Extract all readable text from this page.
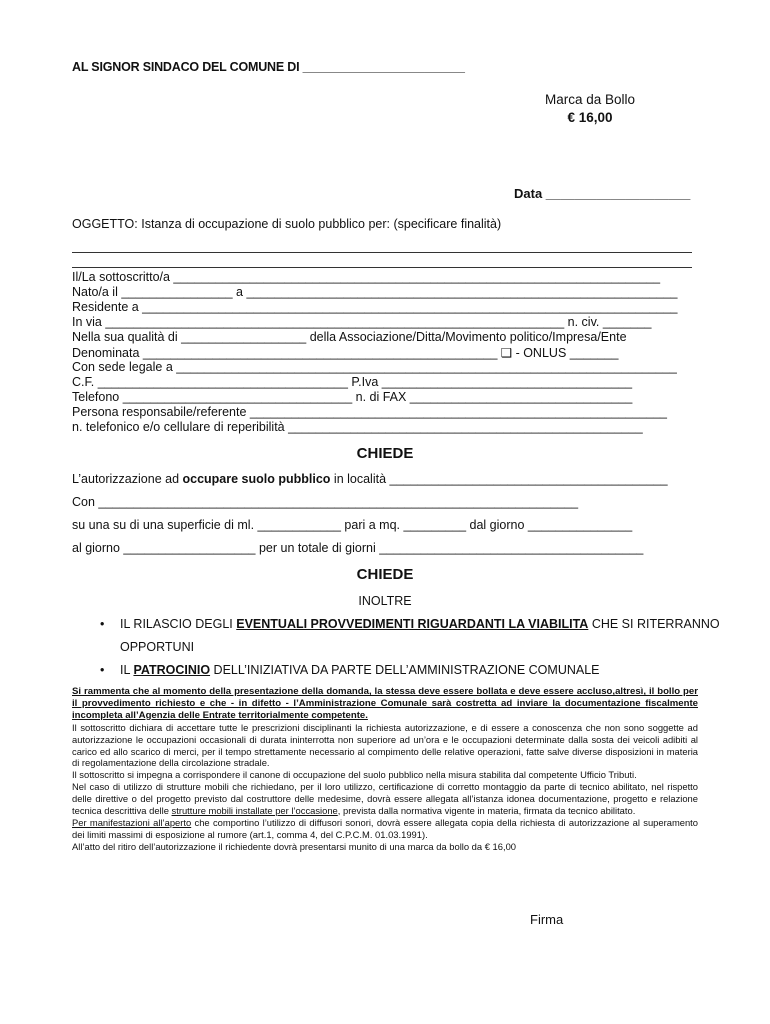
AL SIGNOR SINDACO DEL COMUNE DI ________________________
Marca da Bollo
€ 16,00
Data ____________________
OGGETTO: Istanza di occupazione di suolo pubblico per: (specificare finalità)
Il/La sottoscritto/a ______________________________________________________________________
Nato/a il ________________ a ______________________________________________________________
Residente a _____________________________________________________________________________
In via __________________________________________________________________ n. civ. _______
Nella sua qualità di __________________ della Associazione/Ditta/Movimento politico/Impresa/Ente
Denominata ___________________________________________________ ❑ - ONLUS _______
Con sede legale a ________________________________________________________________________
C.F. ____________________________________ P.Iva ____________________________________
Telefono _________________________________ n. di FAX ________________________________
Persona responsabile/referente ____________________________________________________________
n. telefonico e/o cellulare di reperibilità ___________________________________________________
CHIEDE
L’autorizzazione ad occupare suolo pubblico in località ________________________________________
Con _____________________________________________________________________
su una su di una superficie di ml. ____________ pari a mq. _________ dal giorno _______________
al giorno ___________________ per un totale di giorni ______________________________________
CHIEDE
INOLTRE
• IL RILASCIO DEGLI EVENTUALI PROVVEDIMENTI RIGUARDANTI LA VIABILITA CHE SI RITERRANNO
OPPORTUNI
• IL PATROCINIO DELL’INIZIATIVA DA PARTE DELL’AMMINISTRAZIONE COMUNALE

Si rammenta che al momento della presentazione della domanda, la stessa deve essere bollata e deve essere accluso,altresì, il bollo per il provvedimento richiesto e che - in difetto - l’Amministrazione Comunale sarà costretta ad inviare la documentazione fiscalmente incompleta all’Agenzia delle Entrate territorialmente competente.

Il sottoscritto dichiara di accettare tutte le prescrizioni disciplinanti la richiesta autorizzazione, e di essere a conoscenza che non sono soggette ad autorizzazione le occupazioni occasionali di durata ininterrotta non superiore ad un’ora e le occupazioni determinate dalla sosta dei veicoli adibiti al carico ed allo scarico di merci, per il tempo strettamente necessario al compimento delle relative operazioni, fatte salve diverse disposizioni in materia di regolamentazione della circolazione stradale.

Il sottoscritto si impegna a corrispondere il canone di occupazione del suolo pubblico nella misura stabilita dal competente Ufficio Tributi.

Nel caso di utilizzo di strutture mobili che richiedano, per il loro utilizzo, certificazione di corretto montaggio da parte di tecnico abilitato, nel rispetto delle direttive o del progetto previsto dal costruttore delle medesime, dovrà essere allegata all’istanza idonea documentazione, progetto e relazione tecnica descrittiva delle strutture mobili installate per l’occasione, prevista dalla normativa vigente in materia, firmata da tecnico abilitato.

Per manifestazioni all’aperto che comportino l’utilizzo di diffusori sonori, dovrà essere allegata copia della richiesta di autorizzazione al superamento dei limiti massimi di esposizione al rumore (art.1, comma 4, del C.P.C.M. 01.03.1991).

All’atto del ritiro dell’autorizzazione il richiedente dovrà presentarsi munito di una marca da bollo da € 16,00

Firma
